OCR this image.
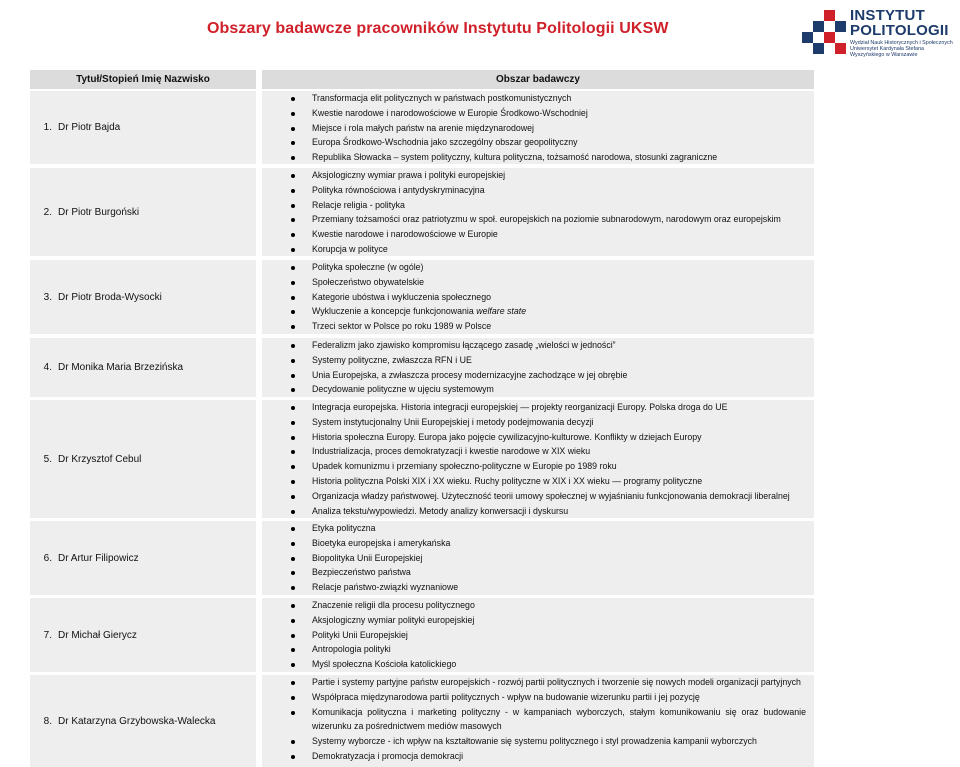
Obszary badawcze pracowników Instytutu Politologii UKSW
INSTYTUT
POLITOLOGII
Wydział Nauk Historycznych i Społecznych Uniwersytet Kardynała Stefana Wyszyńskiego w Warszawie
Tytuł/Stopień Imię Nazwisko	Obszar badawczy
1. Dr Piotr Bajda
Transformacja elit politycznych w państwach postkomunistycznych
Kwestie narodowe i narodowościowe w Europie Środkowo-Wschodniej
Miejsce i rola małych państw na arenie międzynarodowej
Europa Środkowo-Wschodnia jako szczególny obszar geopolityczny
Republika Słowacka – system polityczny, kultura polityczna, tożsamość narodowa, stosunki zagraniczne
2. Dr Piotr Burgoński
Aksjologiczny wymiar prawa i polityki europejskiej
Polityka równościowa i antydyskryminacyjna
Relacje religia - polityka
Przemiany tożsamości oraz patriotyzmu w społ. europejskich na poziomie subnarodowym, narodowym oraz europejskim
Kwestie narodowe i narodowościowe w Europie
Korupcja w polityce
3. Dr Piotr Broda-Wysocki
Polityka społeczne (w ogóle)
Społeczeństwo obywatelskie
Kategorie ubóstwa i wykluczenia społecznego
Wykluczenie a koncepcje funkcjonowania welfare state
Trzeci sektor w Polsce po roku 1989 w Polsce
4. Dr Monika Maria Brzezińska
Federalizm jako zjawisko kompromisu łączącego zasadę „wielości w jedności”
Systemy polityczne, zwłaszcza RFN i UE
Unia Europejska, a zwłaszcza procesy modernizacyjne zachodzące w jej obrębie
Decydowanie polityczne w ujęciu systemowym
5. Dr Krzysztof Cebul
Integracja europejska. Historia integracji europejskiej — projekty reorganizacji Europy. Polska droga do UE
System instytucjonalny Unii Europejskiej i metody podejmowania decyzji
Historia społeczna Europy. Europa jako pojęcie cywilizacyjno-kulturowe. Konflikty w dziejach Europy
Industrializacja, proces demokratyzacji i kwestie narodowe w XIX wieku
Upadek komunizmu i przemiany społeczno-polityczne w Europie po 1989 roku
Historia polityczna Polski XIX i XX wieku. Ruchy polityczne w XIX i XX wieku — programy polityczne
Organizacja władzy państwowej. Użyteczność teorii umowy społecznej w wyjaśnianiu funkcjonowania demokracji liberalnej
Analiza tekstu/wypowiedzi. Metody analizy konwersacji i dyskursu
6. Dr Artur Filipowicz
Etyka polityczna
Bioetyka europejska i amerykańska
Biopolityka Unii Europejskiej
Bezpieczeństwo państwa
Relacje państwo-związki wyznaniowe
7. Dr Michał Gierycz
Znaczenie religii dla procesu politycznego
Aksjologiczny wymiar polityki europejskiej
Polityki Unii Europejskiej
Antropologia polityki
Myśl społeczna Kościoła katolickiego
8. Dr Katarzyna Grzybowska-Walecka
Partie i systemy partyjne państw europejskich - rozwój partii politycznych i tworzenie się nowych modeli organizacji partyjnych
Współpraca międzynarodowa partii politycznych - wpływ na budowanie wizerunku partii i jej pozycję
Komunikacja polityczna i marketing polityczny - w kampaniach wyborczych, stałym komunikowaniu się oraz budowanie wizerunku za pośrednictwem mediów masowych
Systemy wyborcze - ich wpływ na kształtowanie się systemu politycznego i styl prowadzenia kampanii wyborczych
Demokratyzacja i promocja demokracji
